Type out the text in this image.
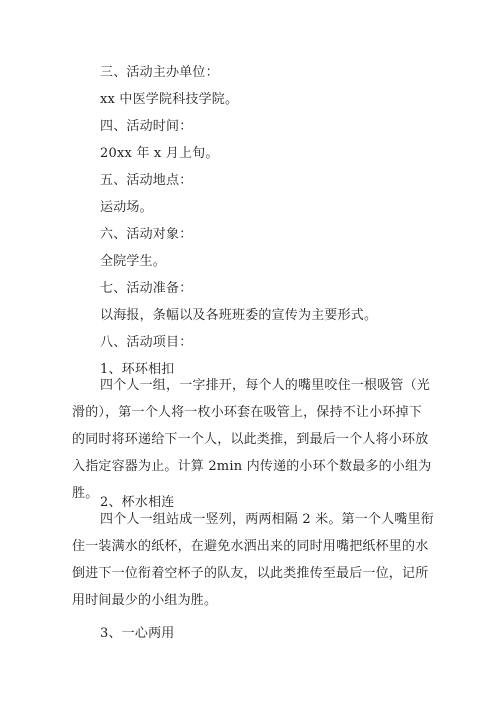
三、活动主办单位：
xx 中医学院科技学院。
四、活动时间：
20xx 年 x 月上旬。
五、活动地点：
运动场。
六、活动对象：
全院学生。
七、活动准备：
以海报，条幅以及各班班委的宣传为主要形式。
八、活动项目：
1、环环相扣
四个人一组，一字排开，每个人的嘴里咬住一根吸管（光滑的），第一个人将一枚小环套在吸管上，保持不让小环掉下的同时将环递给下一个人，以此类推，到最后一个人将小环放入指定容器为止。计算 2min 内传递的小环个数最多的小组为胜。
2、杯水相连
四个人一组站成一竖列，两两相隔 2 米。第一个人嘴里衔住一装满水的纸杯，在避免水洒出来的同时用嘴把纸杯里的水倒进下一位衔着空杯子的队友，以此类推传至最后一位，记所用时间最少的小组为胜。
3、一心两用
